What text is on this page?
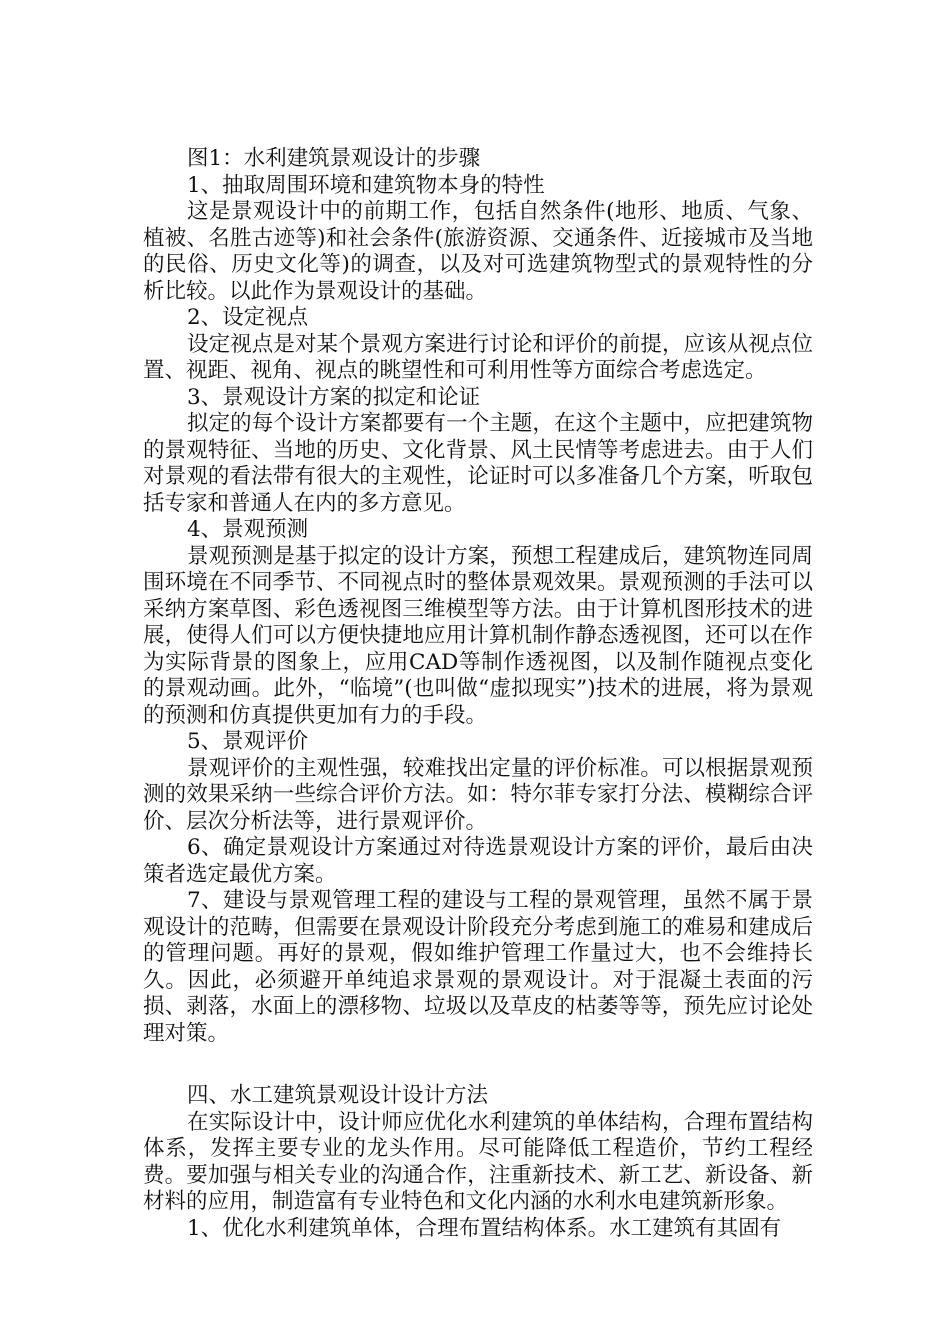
图1：水利建筑景观设计的步骤

1、抽取周围环境和建筑物本身的特性

这是景观设计中的前期工作，包括自然条件(地形、地质、气象、植被、名胜古迹等)和社会条件(旅游资源、交通条件、近接城市及当地的民俗、历史文化等)的调查，以及对可选建筑物型式的景观特性的分析比较。以此作为景观设计的基础。

2、设定视点

设定视点是对某个景观方案进行讨论和评价的前提，应该从视点位置、视距、视角、视点的眺望性和可利用性等方面综合考虑选定。

3、景观设计方案的拟定和论证

拟定的每个设计方案都要有一个主题，在这个主题中，应把建筑物的景观特征、当地的历史、文化背景、风土民情等考虑进去。由于人们对景观的看法带有很大的主观性，论证时可以多准备几个方案，听取包括专家和普通人在内的多方意见。

4、景观预测

景观预测是基于拟定的设计方案，预想工程建成后，建筑物连同周围环境在不同季节、不同视点时的整体景观效果。景观预测的手法可以采纳方案草图、彩色透视图三维模型等方法。由于计算机图形技术的进展，使得人们可以方便快捷地应用计算机制作静态透视图，还可以在作为实际背景的图象上，应用CAD等制作透视图，以及制作随视点变化的景观动画。此外，“临境”(也叫做“虚拟现实”)技术的进展，将为景观的预测和仿真提供更加有力的手段。

5、景观评价

景观评价的主观性强，较难找出定量的评价标准。可以根据景观预测的效果采纳一些综合评价方法。如：特尔菲专家打分法、模糊综合评价、层次分析法等，进行景观评价。

6、确定景观设计方案通过对待选景观设计方案的评价，最后由决策者选定最优方案。

7、建设与景观管理工程的建设与工程的景观管理，虽然不属于景观设计的范畴，但需要在景观设计阶段充分考虑到施工的难易和建成后的管理问题。再好的景观，假如维护管理工作量过大，也不会维持长久。因此，必须避开单纯追求景观的景观设计。对于混凝土表面的污损、剥落，水面上的漂移物、垃圾以及草皮的枯萎等等，预先应讨论处理对策。

四、水工建筑景观设计设计方法

在实际设计中，设计师应优化水利建筑的单体结构，合理布置结构体系，发挥主要专业的龙头作用。尽可能降低工程造价，节约工程经费。要加强与相关专业的沟通合作，注重新技术、新工艺、新设备、新材料的应用，制造富有专业特色和文化内涵的水利水电建筑新形象。

1、优化水利建筑单体，合理布置结构体系。水工建筑有其固有
